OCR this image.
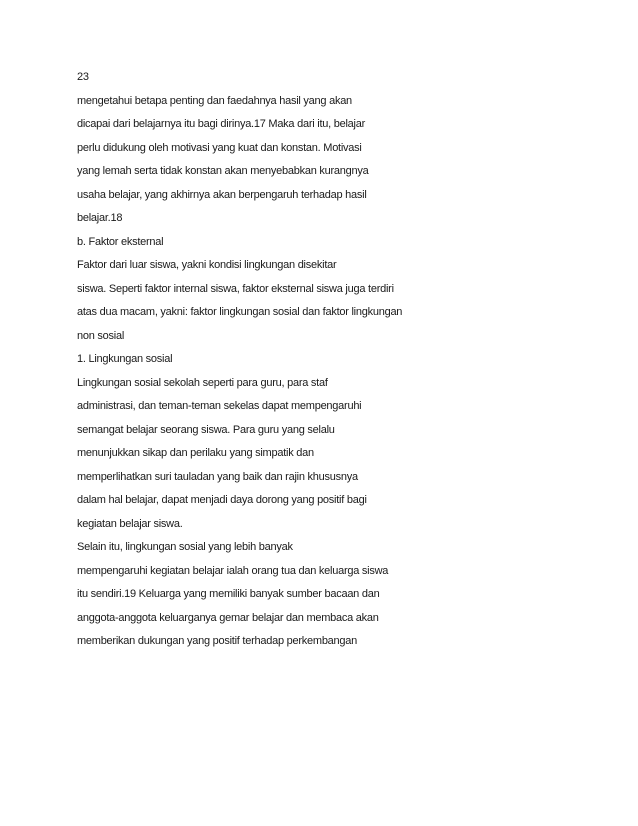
23
mengetahui betapa penting dan faedahnya hasil yang akan
dicapai dari belajarnya itu bagi dirinya.17 Maka dari itu, belajar
perlu didukung oleh motivasi yang kuat dan konstan. Motivasi
yang lemah serta tidak konstan akan menyebabkan kurangnya
usaha belajar, yang akhirnya akan berpengaruh terhadap hasil
belajar.18
b. Faktor eksternal
Faktor dari luar siswa, yakni kondisi lingkungan disekitar
siswa. Seperti faktor internal siswa, faktor eksternal siswa juga terdiri
atas dua macam, yakni: faktor lingkungan sosial dan faktor lingkungan
non sosial
1. Lingkungan sosial
Lingkungan sosial sekolah seperti para guru, para staf
administrasi, dan teman-teman sekelas dapat mempengaruhi
semangat belajar seorang siswa. Para guru yang selalu
menunjukkan sikap dan perilaku yang simpatik dan
memperlihatkan suri tauladan yang baik dan rajin khususnya
dalam hal belajar, dapat menjadi daya dorong yang positif bagi
kegiatan belajar siswa.
Selain itu, lingkungan sosial yang lebih banyak
mempengaruhi kegiatan belajar ialah orang tua dan keluarga siswa
itu sendiri.19 Keluarga yang memiliki banyak sumber bacaan dan
anggota-anggota keluarganya gemar belajar dan membaca akan
memberikan dukungan yang positif terhadap perkembangan
